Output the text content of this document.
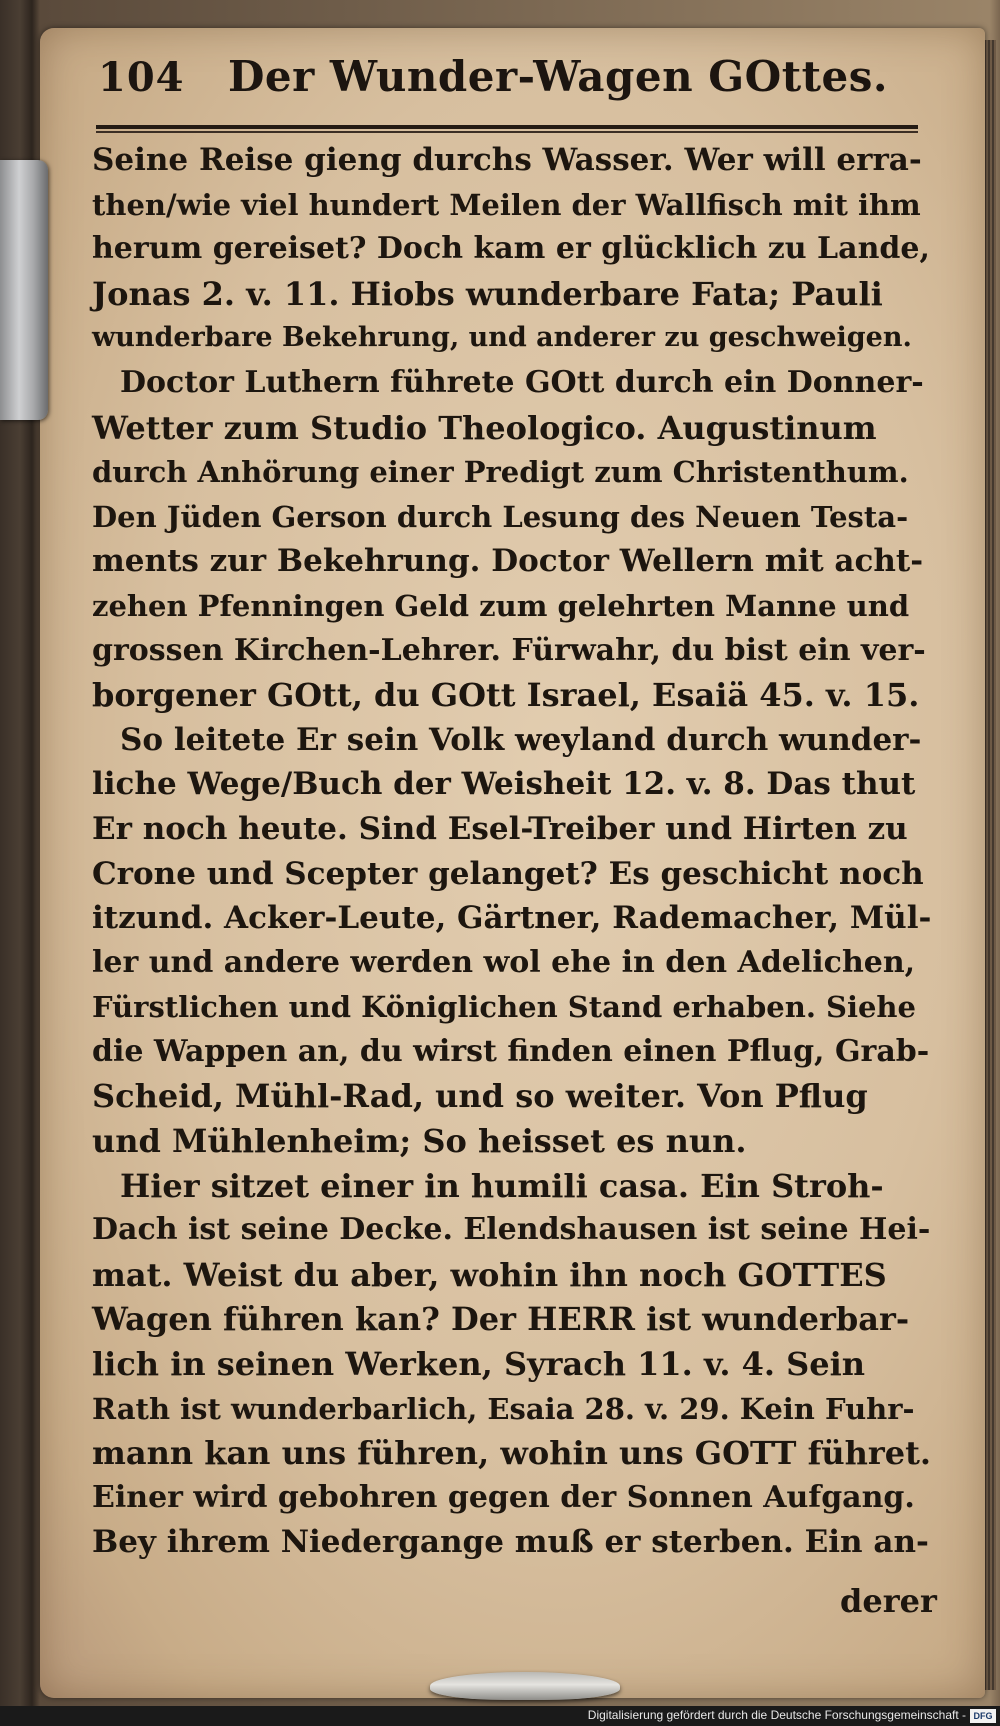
104 Der Wunder-Wagen GOttes.
Seine Reise gieng durchs Wasser. Wer will erra-
then/wie viel hundert Meilen der Wallfisch mit ihm
herum gereiset? Doch kam er glücklich zu Lande,
Jonas 2. v. 11. Hiobs wunderbare Fata; Pauli
wunderbare Bekehrung, und anderer zu geschweigen.
Doctor Luthern führete GOtt durch ein Donner-
Wetter zum Studio Theologico. Augustinum
durch Anhörung einer Predigt zum Christenthum.
Den Jüden Gerson durch Lesung des Neuen Testa-
ments zur Bekehrung. Doctor Wellern mit acht-
zehen Pfenningen Geld zum gelehrten Manne und
grossen Kirchen-Lehrer. Fürwahr, du bist ein ver-
borgener GOtt, du GOtt Israel, Esaiä 45. v. 15.
So leitete Er sein Volk weyland durch wunder-
liche Wege/Buch der Weisheit 12. v. 8. Das thut
Er noch heute. Sind Esel-Treiber und Hirten zu
Crone und Scepter gelanget? Es geschicht noch
itzund. Acker-Leute, Gärtner, Rademacher, Mül-
ler und andere werden wol ehe in den Adelichen,
Fürstlichen und Königlichen Stand erhaben. Siehe
die Wappen an, du wirst finden einen Pflug, Grab-
Scheid, Mühl-Rad, und so weiter. Von Pflug
und Mühlenheim; So heisset es nun.
Hier sitzet einer in humili casa. Ein Stroh-
Dach ist seine Decke. Elendshausen ist seine Hei-
mat. Weist du aber, wohin ihn noch GOTTES
Wagen führen kan? Der HERR ist wunderbar-
lich in seinen Werken, Syrach 11. v. 4. Sein
Rath ist wunderbarlich, Esaia 28. v. 29. Kein Fuhr-
mann kan uns führen, wohin uns GOTT führet.
Einer wird gebohren gegen der Sonnen Aufgang.
Bey ihrem Niedergange muß er sterben. Ein an-
derer
Digitalisierung gefördert durch die Deutsche Forschungsgemeinschaft - DFG
